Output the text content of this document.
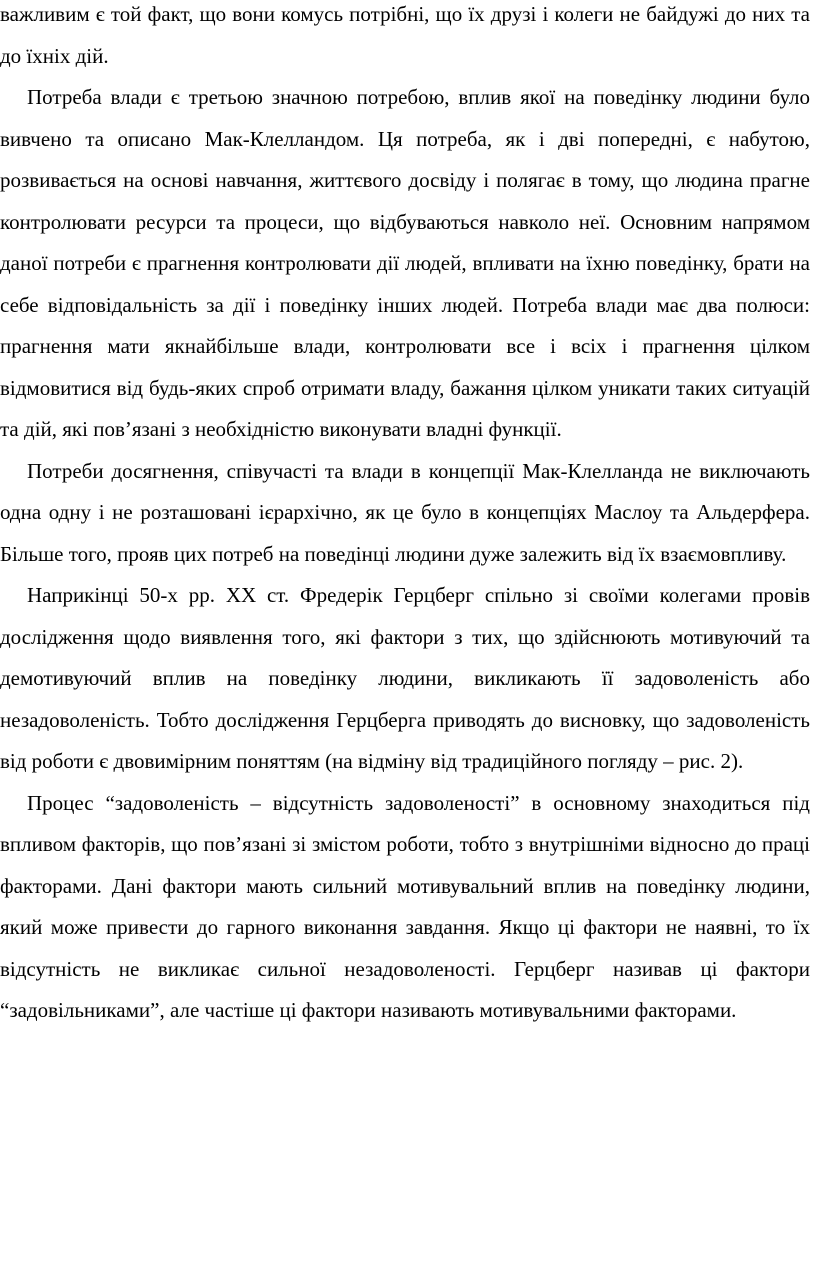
важливим є той факт, що вони комусь потрібні, що їх друзі і колеги не байдужі до них та до їхніх дій.

Потреба влади є третьою значною потребою, вплив якої на поведінку людини було вивчено та описано Мак-Клелландом. Ця потреба, як і дві попередні, є набутою, розвивається на основі навчання, життєвого досвіду і полягає в тому, що людина прагне контролювати ресурси та процеси, що відбуваються навколо неї. Основним напрямом даної потреби є прагнення контролювати дії людей, впливати на їхню поведінку, брати на себе відповідальність за дії і поведінку інших людей. Потреба влади має два полюси: прагнення мати якнайбільше влади, контролювати все і всіх і прагнення цілком відмовитися від будь-яких спроб отримати владу, бажання цілком уникати таких ситуацій та дій, які пов’язані з необхідністю виконувати владні функції.

Потреби досягнення, співучасті та влади в концепції Мак-Клелланда не виключають одна одну і не розташовані ієрархічно, як це було в концепціях Маслоу та Альдерфера. Більше того, прояв цих потреб на поведінці людини дуже залежить від їх взаємовпливу.

Наприкінці 50-х рр. XX ст. Фредерік Герцберг спільно зі своїми колегами провів дослідження щодо виявлення того, які фактори з тих, що здійснюють мотивуючий та демотивуючий вплив на поведінку людини, викликають її задоволеність або незадоволеність. Тобто дослідження Герцберга приводять до висновку, що задоволеність від роботи є двовимірним поняттям (на відміну від традиційного погляду – рис. 2).

Процес “задоволеність – відсутність задоволеності” в основному знаходиться під впливом факторів, що пов’язані зі змістом роботи, тобто з внутрішніми відносно до праці факторами. Дані фактори мають сильний мотивувальний вплив на поведінку людини, який може привести до гарного виконання завдання. Якщо ці фактори не наявні, то їх відсутність не викликає сильної незадоволеності. Герцберг називав ці фактори “задовільниками”, але частіше ці фактори називають мотивувальними факторами.
